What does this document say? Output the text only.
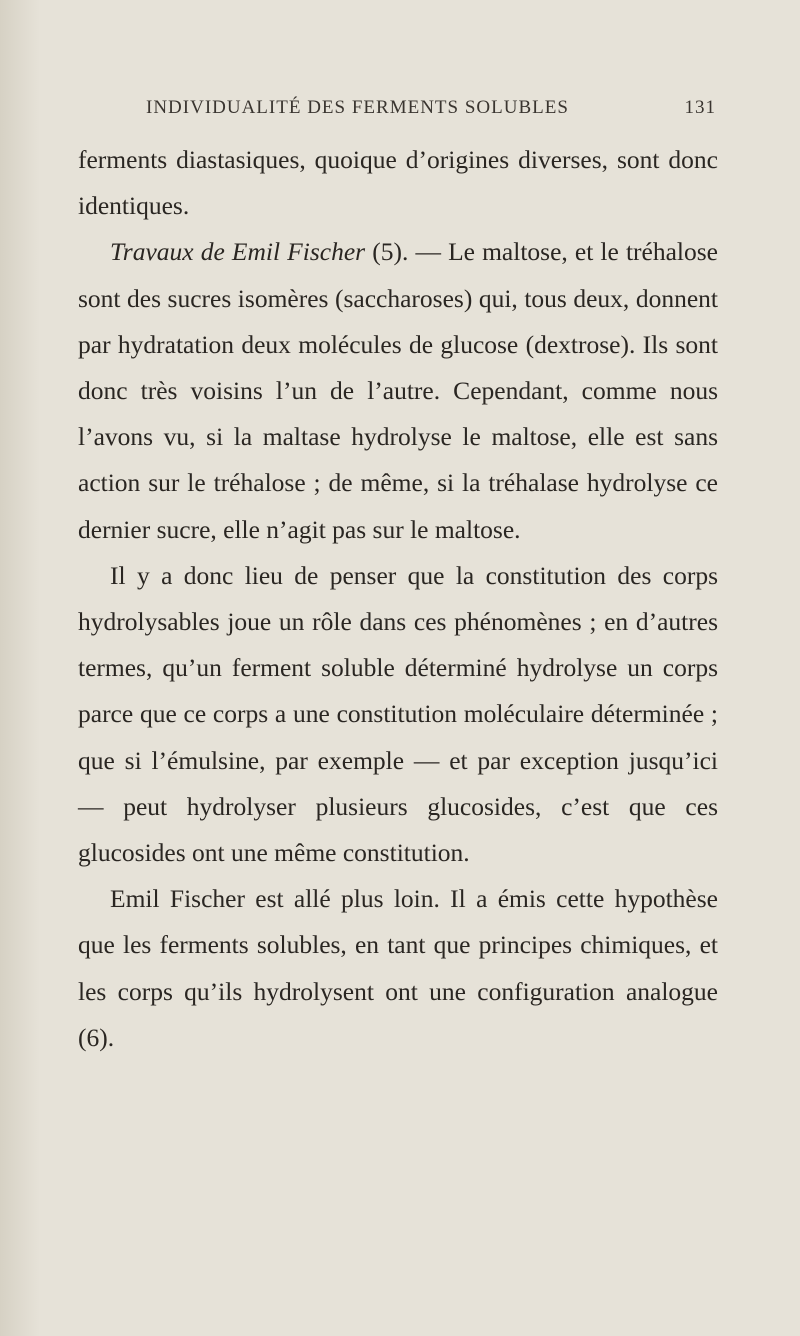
INDIVIDUALITÉ DES FERMENTS SOLUBLES	131

ferments diastasiques, quoique d’origines diverses, sont donc identiques.

Travaux de Emil Fischer (5). — Le maltose, et le tréhalose sont des sucres isomères (saccharoses) qui, tous deux, donnent par hydratation deux molécules de glucose (dextrose). Ils sont donc très voisins l’un de l’autre. Cependant, comme nous l’avons vu, si la maltase hydrolyse le maltose, elle est sans action sur le tréhalose ; de même, si la tréhalase hydrolyse ce dernier sucre, elle n’agit pas sur le maltose.

Il y a donc lieu de penser que la constitution des corps hydrolysables joue un rôle dans ces phénomènes ; en d’autres termes, qu’un ferment soluble déterminé hydrolyse un corps parce que ce corps a une constitution moléculaire déterminée ; que si l’émulsine, par exemple — et par exception jusqu’ici — peut hydrolyser plusieurs glucosides, c’est que ces glucosides ont une même constitution.

Emil Fischer est allé plus loin. Il a émis cette hypothèse que les ferments solubles, en tant que principes chimiques, et les corps qu’ils hydrolysent ont une configuration analogue (6).
